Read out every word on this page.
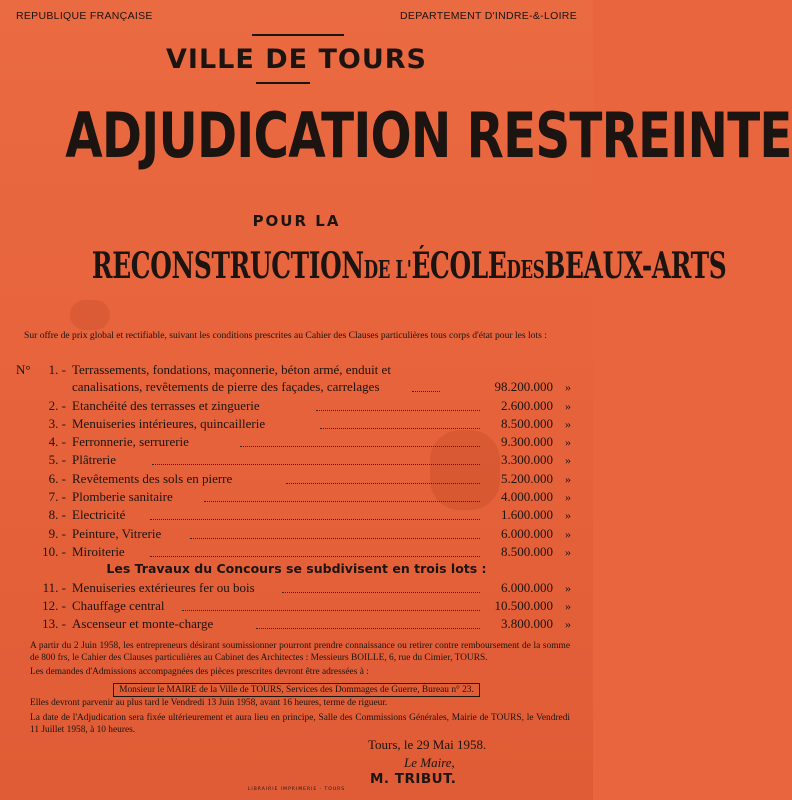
REPUBLIQUE FRANÇAISE	DEPARTEMENT D'INDRE-&-LOIRE
VILLE DE TOURS
ADJUDICATION RESTREINTE
POUR LA
RECONSTRUCTIONDE L'ÉCOLEDESBEAUX-ARTS
Sur offre de prix global et rectifiable, suivant les conditions prescrites au Cahier des Clauses particulières tous corps d'état pour les lots :
N°	1. - Terrassements, fondations, maçonnerie, béton armé, enduit et
canalisations, revêtements de pierre des façades, carrelages	98.200.000 »
2. - Etanchéité des terrasses et zinguerie	2.600.000 »
3. - Menuiseries intérieures, quincaillerie	8.500.000 »
4. - Ferronnerie, serrurerie	9.300.000 »
5. - Plâtrerie	3.300.000 »
6. - Revêtements des sols en pierre	5.200.000 »
7. - Plomberie sanitaire	4.000.000 »
8. - Electricité	1.600.000 »
9. - Peinture, Vitrerie	6.000.000 »
10. - Miroiterie	8.500.000 »
Les Travaux du Concours se subdivisent en trois lots :
11. - Menuiseries extérieures fer ou bois	6.000.000 »
12. - Chauffage central	10.500.000 »
13. - Ascenseur et monte-charge	3.800.000 »
A partir du 2 Juin 1958, les entrepreneurs désirant soumissionner pourront prendre connaissance ou retirer contre remboursement de la somme de 800 frs, le Cahier des Clauses particulières au Cabinet des Architectes : Messieurs BOILLE, 6, rue du Cimier, TOURS.
Les demandes d'Admissions accompagnées des pièces prescrites devront être adressées à :
Monsieur le MAIRE de la Ville de TOURS, Services des Dommages de Guerre, Bureau n° 23.
Elles devront parvenir au plus tard le Vendredi 13 Juin 1958, avant 16 heures, terme de rigueur.
La date de l'Adjudication sera fixée ultérieurement et aura lieu en principe, Salle des Commissions Générales, Mairie de TOURS, le Vendredi 11 Juillet 1958, à 10 heures.
Tours, le 29 Mai 1958.
Le Maire,
M. TRIBUT.
LIBRAIRIE IMPRIMERIE · TOURS
